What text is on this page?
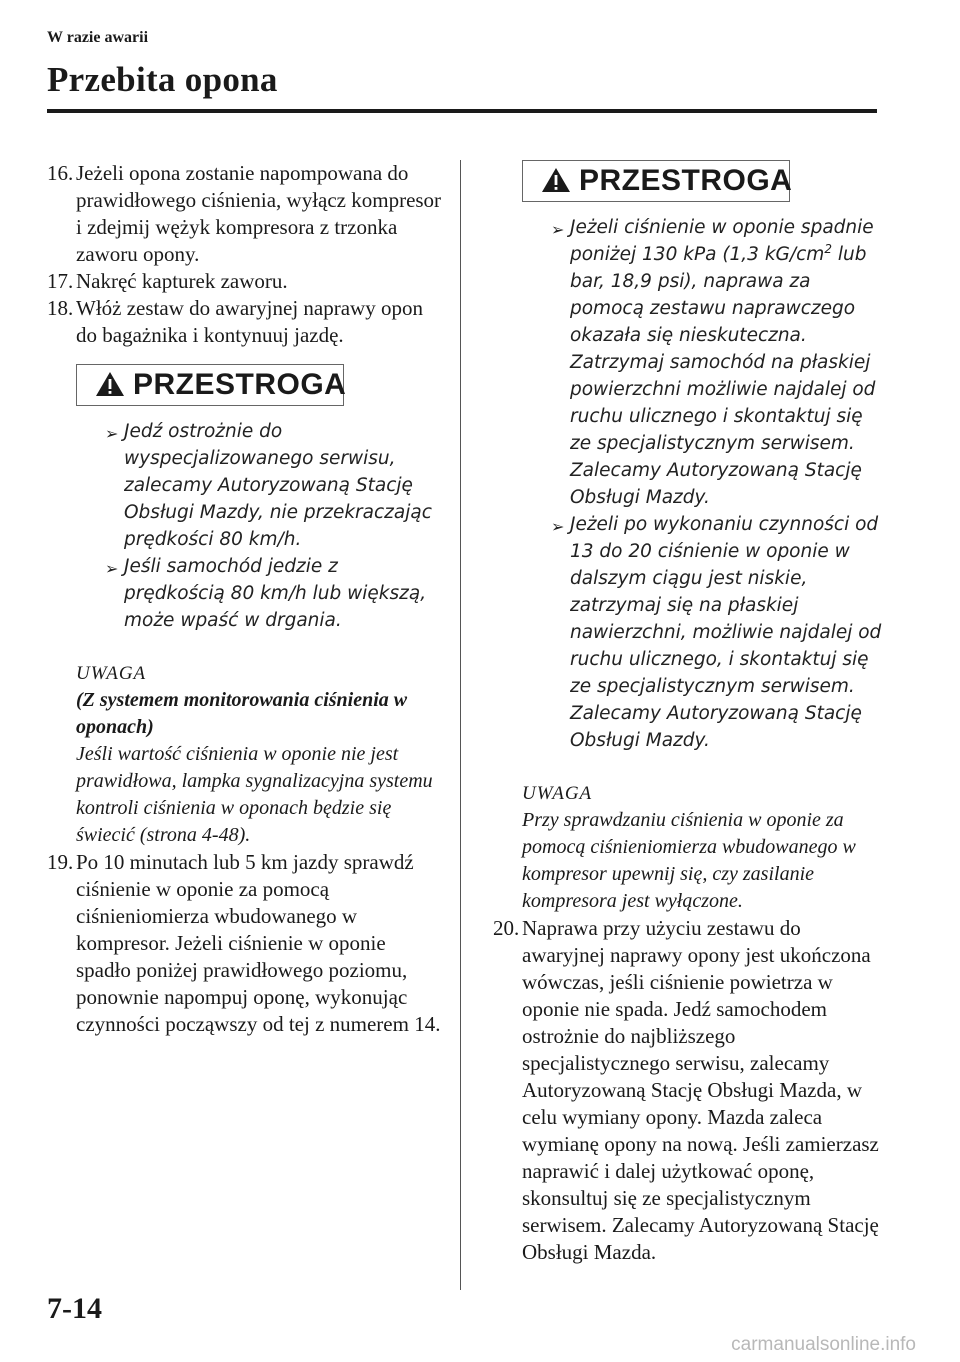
W razie awarii
Przebita opona
16. Jeżeli opona zostanie napompowana do prawidłowego ciśnienia, wyłącz kompresor i zdejmij wężyk kompresora z trzonka zaworu opony.
17. Nakręć kapturek zaworu.
18. Włóż zestaw do awaryjnej naprawy opon do bagażnika i kontynuuj jazdę.
PRZESTROGA
➢ Jedź ostrożnie do wyspecjalizowanego serwisu, zalecamy Autoryzowaną Stację Obsługi Mazdy, nie przekraczając prędkości 80 km/h.
➢ Jeśli samochód jedzie z prędkością 80 km/h lub większą, może wpaść w drgania.
UWAGA
(Z systemem monitorowania ciśnienia w oponach)
Jeśli wartość ciśnienia w oponie nie jest prawidłowa, lampka sygnalizacyjna systemu kontroli ciśnienia w oponach będzie się świecić (strona 4-48).
19. Po 10 minutach lub 5 km jazdy sprawdź ciśnienie w oponie za pomocą ciśnieniomierza wbudowanego w kompresor. Jeżeli ciśnienie w oponie spadło poniżej prawidłowego poziomu, ponownie napompuj oponę, wykonując czynności począwszy od tej z numerem 14.
PRZESTROGA
➢ Jeżeli ciśnienie w oponie spadnie poniżej 130 kPa (1,3 $kG/cm^2$ lub bar, 18,9 psi), naprawa za pomocą zestawu naprawczego okazała się nieskuteczna. Zatrzymaj samochód na płaskiej powierzchni możliwie najdalej od ruchu ulicznego i skontaktuj się ze specjalistycznym serwisem. Zalecamy Autoryzowaną Stację Obsługi Mazdy.
➢ Jeżeli po wykonaniu czynności od 13 do 20 ciśnienie w oponie w dalszym ciągu jest niskie, zatrzymaj się na płaskiej nawierzchni, możliwie najdalej od ruchu ulicznego, i skontaktuj się ze specjalistycznym serwisem. Zalecamy Autoryzowaną Stację Obsługi Mazdy.
UWAGA
Przy sprawdzaniu ciśnienia w oponie za pomocą ciśnieniomierza wbudowanego w kompresor upewnij się, czy zasilanie kompresora jest wyłączone.
20. Naprawa przy użyciu zestawu do awaryjnej naprawy opony jest ukończona wówczas, jeśli ciśnienie powietrza w oponie nie spada. Jedź samochodem ostrożnie do najbliższego specjalistycznego serwisu, zalecamy Autoryzowaną Stację Obsługi Mazda, w celu wymiany opony. Mazda zaleca wymianę opony na nową. Jeśli zamierzasz naprawić i dalej użytkować oponę, skonsultuj się ze specjalistycznym serwisem. Zalecamy Autoryzowaną Stację Obsługi Mazda.
7-14
carmanualsonline.info
